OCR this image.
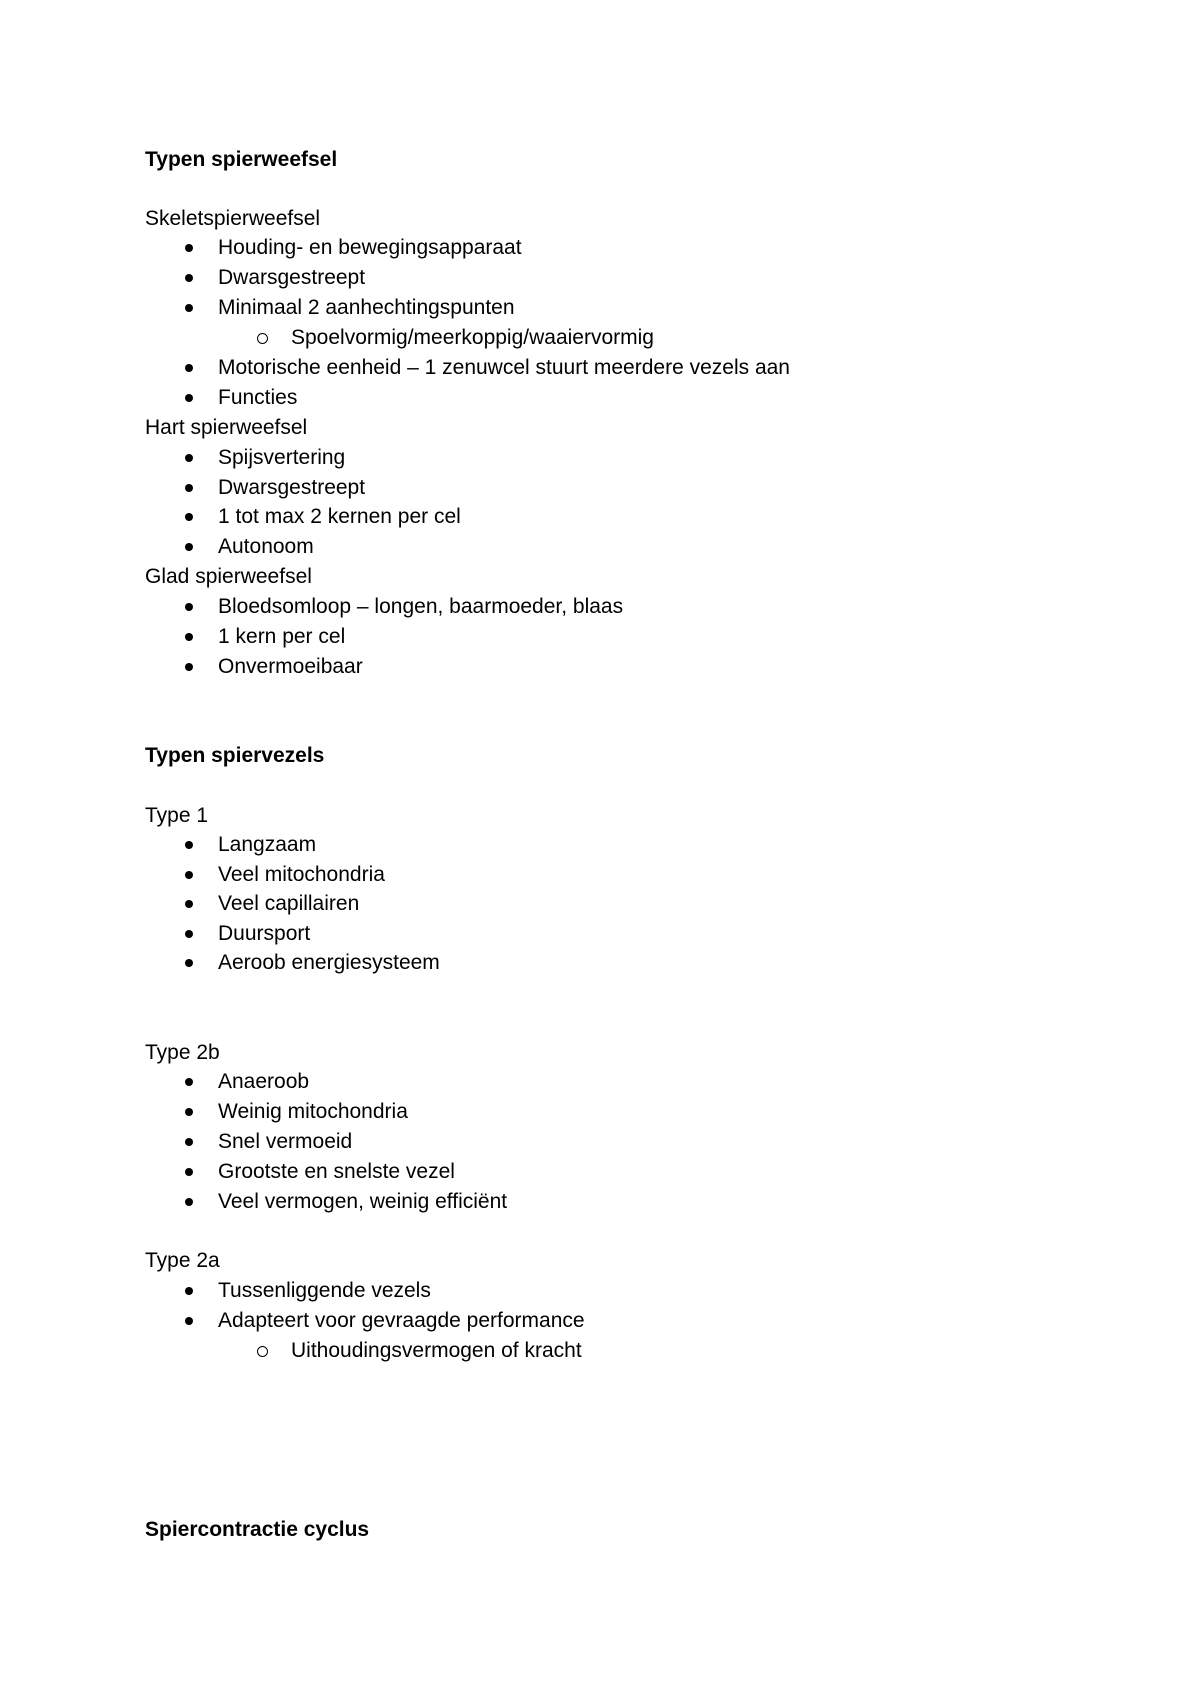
Typen spierweefsel
Skeletspierweefsel
Houding- en bewegingsapparaat
Dwarsgestreept
Minimaal 2 aanhechtingspunten
Spoelvormig/meerkoppig/waaiervormig
Motorische eenheid – 1 zenuwcel stuurt meerdere vezels aan
Functies
Hart spierweefsel
Spijsvertering
Dwarsgestreept
1 tot max 2 kernen per cel
Autonoom
Glad spierweefsel
Bloedsomloop – longen, baarmoeder, blaas
1 kern per cel
Onvermoeibaar
Typen spiervezels
Type 1
Langzaam
Veel mitochondria
Veel capillairen
Duursport
Aeroob energiesysteem
Type 2b
Anaeroob
Weinig mitochondria
Snel vermoeid
Grootste en snelste vezel
Veel vermogen, weinig efficiënt
Type 2a
Tussenliggende vezels
Adapteert voor gevraagde performance
Uithoudingsvermogen of kracht
Spiercontractie cyclus
